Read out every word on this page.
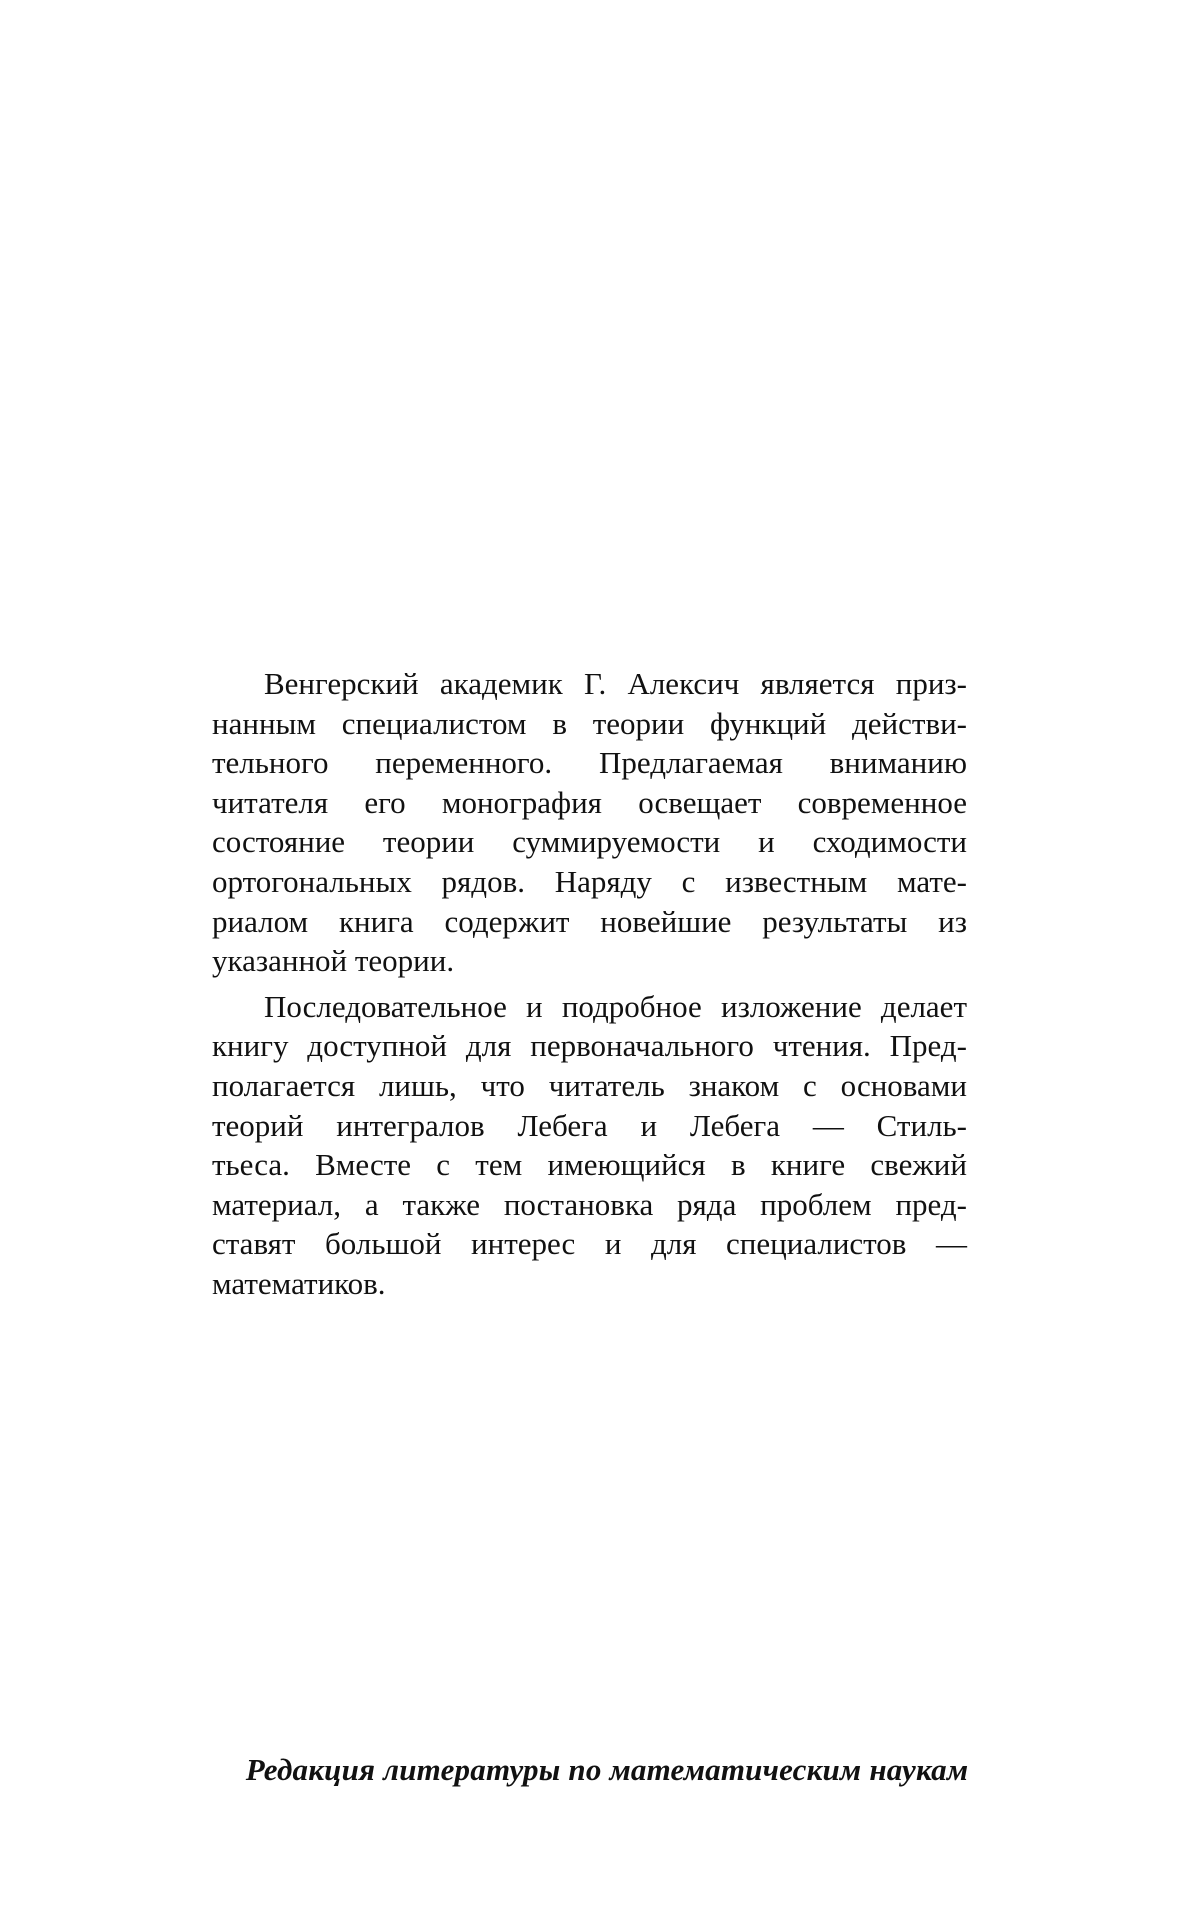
Венгерский академик Г. Алексич является приз-
нанным специалистом в теории функций действи-
тельного переменного. Предлагаемая вниманию
читателя его монография освещает современное
состояние теории суммируемости и сходимости
ортогональных рядов. Наряду с известным мате-
риалом книга содержит новейшие результаты из
указанной теории.
Последовательное и подробное изложение делает
книгу доступной для первоначального чтения. Пред-
полагается лишь, что читатель знаком с основами
теорий интегралов Лебега и Лебега — Стиль-
тьеса. Вместе с тем имеющийся в книге свежий
материал, а также постановка ряда проблем пред-
ставят большой интерес и для специалистов —
математиков.
Редакция литературы по математическим наукам
